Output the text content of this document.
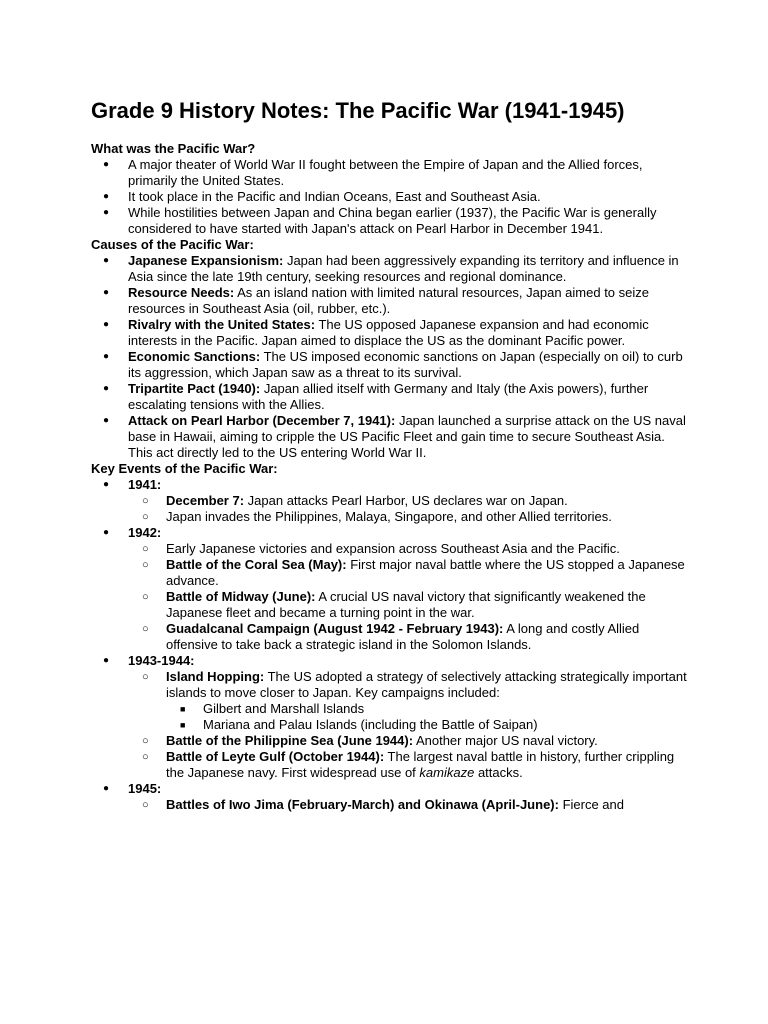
Grade 9 History Notes: The Pacific War (1941-1945)
What was the Pacific War?
● A major theater of World War II fought between the Empire of Japan and the Allied forces, primarily the United States.
● It took place in the Pacific and Indian Oceans, East and Southeast Asia.
● While hostilities between Japan and China began earlier (1937), the Pacific War is generally considered to have started with Japan's attack on Pearl Harbor in December 1941.
Causes of the Pacific War:
● Japanese Expansionism: Japan had been aggressively expanding its territory and influence in Asia since the late 19th century, seeking resources and regional dominance.
● Resource Needs: As an island nation with limited natural resources, Japan aimed to seize resources in Southeast Asia (oil, rubber, etc.).
● Rivalry with the United States: The US opposed Japanese expansion and had economic interests in the Pacific. Japan aimed to displace the US as the dominant Pacific power.
● Economic Sanctions: The US imposed economic sanctions on Japan (especially on oil) to curb its aggression, which Japan saw as a threat to its survival.
● Tripartite Pact (1940): Japan allied itself with Germany and Italy (the Axis powers), further escalating tensions with the Allies.
● Attack on Pearl Harbor (December 7, 1941): Japan launched a surprise attack on the US naval base in Hawaii, aiming to cripple the US Pacific Fleet and gain time to secure Southeast Asia. This act directly led to the US entering World War II.
Key Events of the Pacific War:
● 1941:
○ December 7: Japan attacks Pearl Harbor, US declares war on Japan.
○ Japan invades the Philippines, Malaya, Singapore, and other Allied territories.
● 1942:
○ Early Japanese victories and expansion across Southeast Asia and the Pacific.
○ Battle of the Coral Sea (May): First major naval battle where the US stopped a Japanese advance.
○ Battle of Midway (June): A crucial US naval victory that significantly weakened the Japanese fleet and became a turning point in the war.
○ Guadalcanal Campaign (August 1942 - February 1943): A long and costly Allied offensive to take back a strategic island in the Solomon Islands.
● 1943-1944:
○ Island Hopping: The US adopted a strategy of selectively attacking strategically important islands to move closer to Japan. Key campaigns included:
■ Gilbert and Marshall Islands
■ Mariana and Palau Islands (including the Battle of Saipan)
○ Battle of the Philippine Sea (June 1944): Another major US naval victory.
○ Battle of Leyte Gulf (October 1944): The largest naval battle in history, further crippling the Japanese navy. First widespread use of kamikaze attacks.
● 1945:
○ Battles of Iwo Jima (February-March) and Okinawa (April-June): Fierce and
